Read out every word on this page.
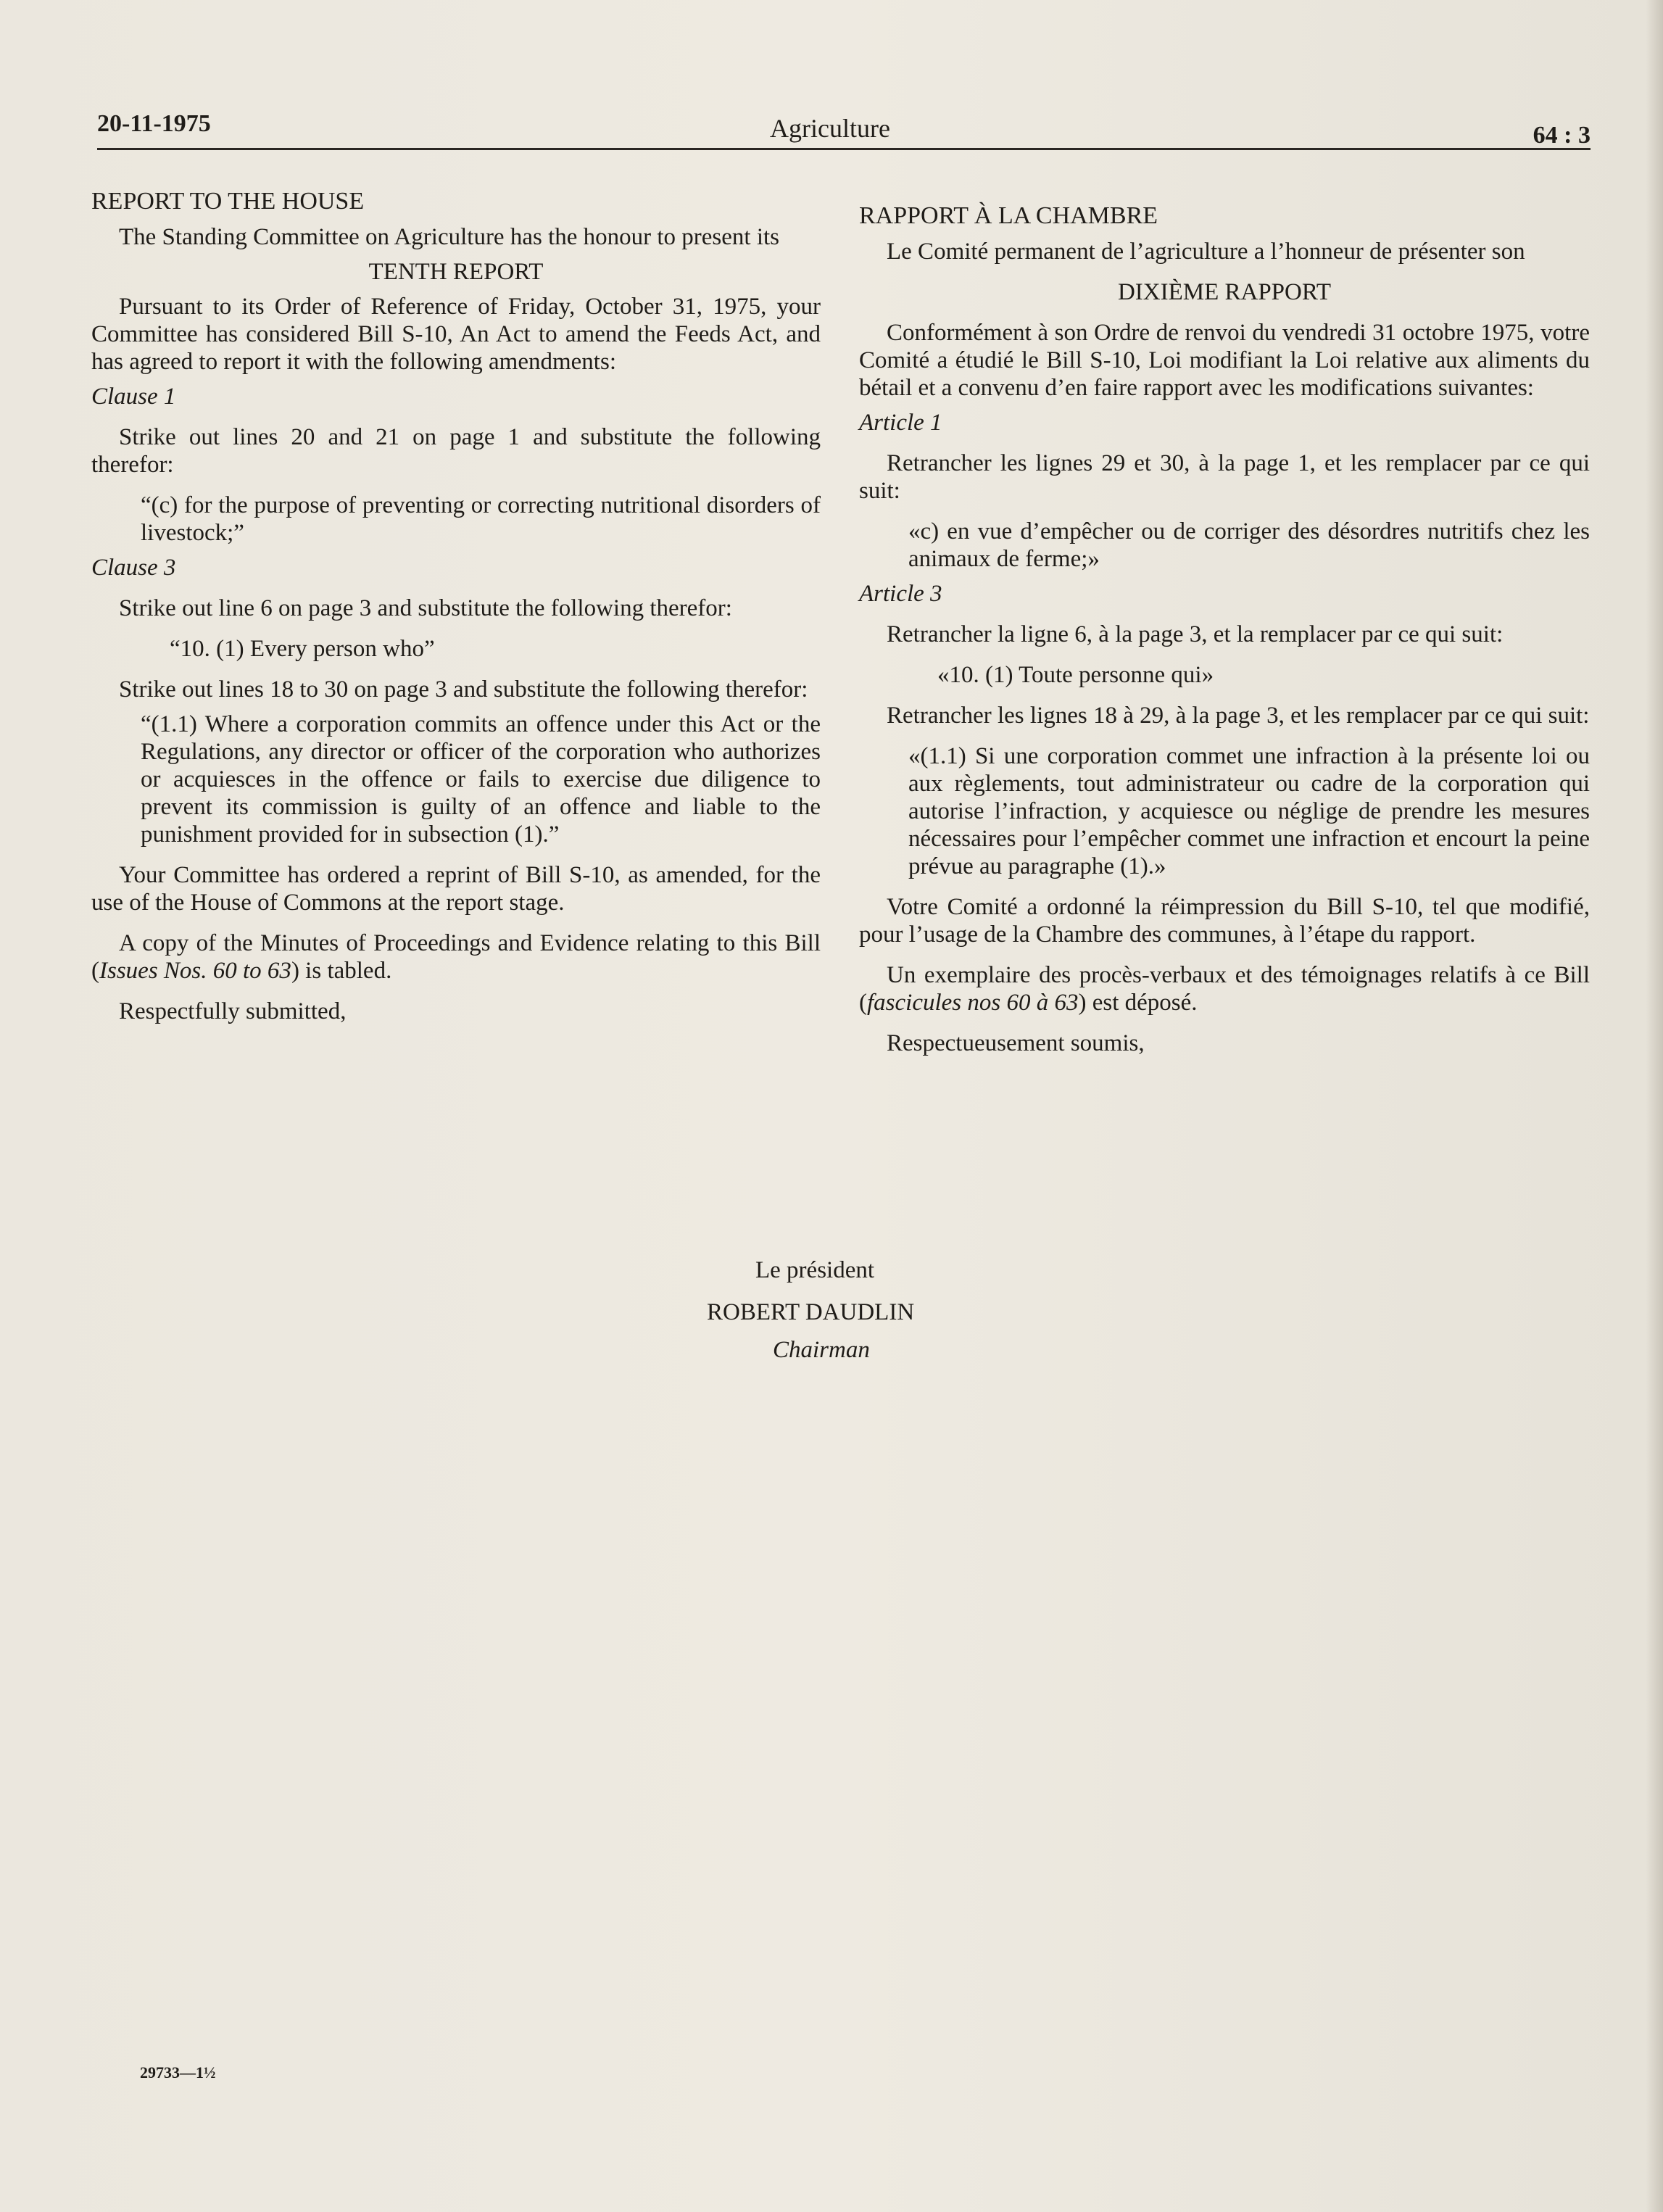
20-11-1975	Agriculture	64 : 3

REPORT TO THE HOUSE

The Standing Committee on Agriculture has the honour to present its

TENTH REPORT

Pursuant to its Order of Reference of Friday, October 31, 1975, your Committee has considered Bill S-10, An Act to amend the Feeds Act, and has agreed to report it with the following amendments:

Clause 1

Strike out lines 20 and 21 on page 1 and substitute the following therefor:

“(c) for the purpose of preventing or correcting nutritional disorders of livestock;”

Clause 3

Strike out line 6 on page 3 and substitute the following therefor:

“10. (1) Every person who”

Strike out lines 18 to 30 on page 3 and substitute the following therefor:

“(1.1) Where a corporation commits an offence under this Act or the Regulations, any director or officer of the corporation who authorizes or acquiesces in the offence or fails to exercise due diligence to prevent its commission is guilty of an offence and liable to the punishment provided for in subsection (1).”

Your Committee has ordered a reprint of Bill S-10, as amended, for the use of the House of Commons at the report stage.

A copy of the Minutes of Proceedings and Evidence relating to this Bill (Issues Nos. 60 to 63) is tabled.

Respectfully submitted,

RAPPORT À LA CHAMBRE

Le Comité permanent de l’agriculture a l’honneur de présenter son

DIXIÈME RAPPORT

Conformément à son Ordre de renvoi du vendredi 31 octobre 1975, votre Comité a étudié le Bill S-10, Loi modifiant la Loi relative aux aliments du bétail et a convenu d’en faire rapport avec les modifications suivantes:

Article 1

Retrancher les lignes 29 et 30, à la page 1, et les remplacer par ce qui suit:

«c) en vue d’empêcher ou de corriger des désordres nutritifs chez les animaux de ferme;»

Article 3

Retrancher la ligne 6, à la page 3, et la remplacer par ce qui suit:

«10. (1) Toute personne qui»

Retrancher les lignes 18 à 29, à la page 3, et les remplacer par ce qui suit:

«(1.1) Si une corporation commet une infraction à la présente loi ou aux règlements, tout administrateur ou cadre de la corporation qui autorise l’infraction, y acquiesce ou néglige de prendre les mesures nécessaires pour l’empêcher commet une infraction et encourt la peine prévue au paragraphe (1).»

Votre Comité a ordonné la réimpression du Bill S-10, tel que modifié, pour l’usage de la Chambre des communes, à l’étape du rapport.

Un exemplaire des procès-verbaux et des témoignages relatifs à ce Bill (fascicules nos 60 à 63) est déposé.

Respectueusement soumis,

Le président
ROBERT DAUDLIN
Chairman
29733—1½
